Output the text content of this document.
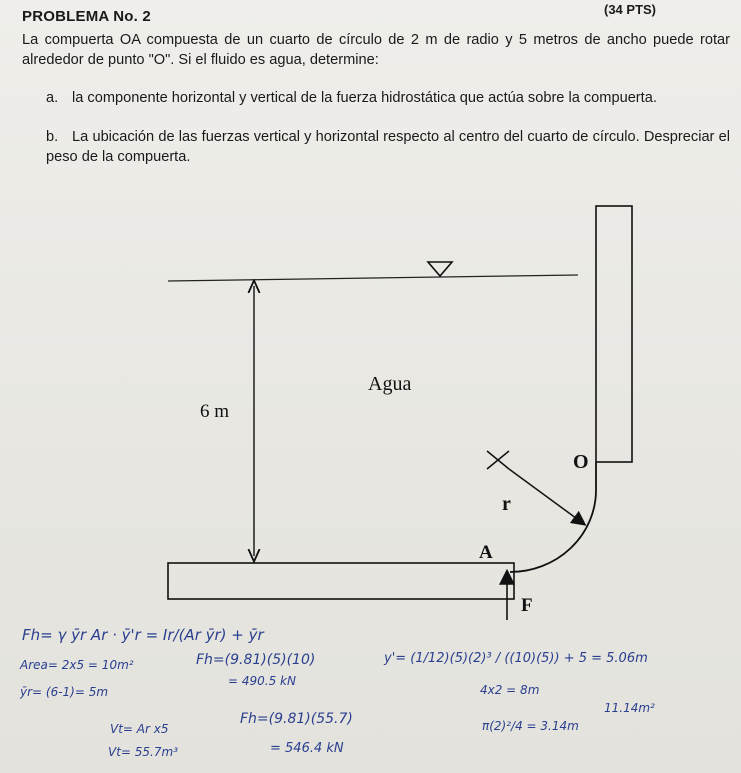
PROBLEMA No. 2	(34 PTS)
La compuerta OA compuesta de un cuarto de círculo de 2 m de radio y 5 metros de ancho puede rotar alrededor de punto "O". Si el fluido es agua, determine:
a. la componente horizontal y vertical de la fuerza hidrostática que actúa sobre la compuerta.
b. La ubicación de las fuerzas vertical y horizontal respecto al centro del cuarto de círculo. Despreciar el peso de la compuerta.
6 m
Agua
O
r
A
F
Fh= γ ȳr Ar · ȳ'r = Ir/(Ar ȳr) + ȳr
Area= 2x5 = 10m²
ȳr= (6-1)= 5m
Vt= Ar x5
Vt= 55.7m³
Fh=(9.81)(5)(10)
= 490.5 kN
Fh=(9.81)(55.7)
= 546.4 kN
y'= (1/12)(5)(2)³ / ((10)(5)) + 5 = 5.06m
4x2 = 8m
π(2)²/4 = 3.14m
11.14m²
